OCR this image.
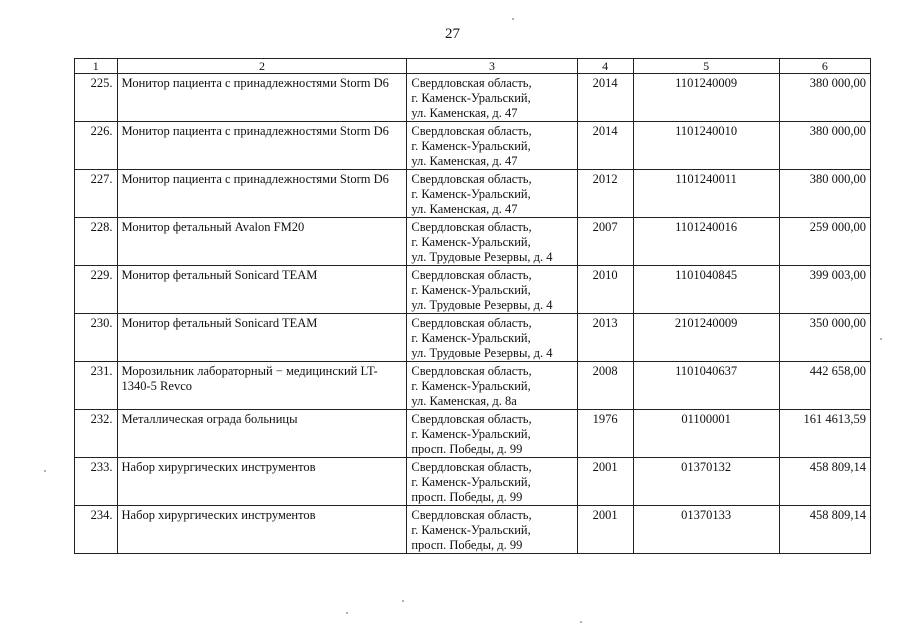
27
1	2	3	4	5	6
225.	Монитор пациента с принадлежностями Storm D6	Свердловская область,
г. Каменск-Уральский,
ул. Каменская, д. 47	2014	1101240009	380 000,00
226.	Монитор пациента с принадлежностями Storm D6	Свердловская область,
г. Каменск-Уральский,
ул. Каменская, д. 47	2014	1101240010	380 000,00
227.	Монитор пациента с принадлежностями Storm D6	Свердловская область,
г. Каменск-Уральский,
ул. Каменская, д. 47	2012	1101240011	380 000,00
228.	Монитор фетальный Avalon FM20	Свердловская область,
г. Каменск-Уральский,
ул. Трудовые Резервы, д. 4	2007	1101240016	259 000,00
229.	Монитор фетальный Sonicard TEAM	Свердловская область,
г. Каменск-Уральский,
ул. Трудовые Резервы, д. 4	2010	1101040845	399 003,00
230.	Монитор фетальный Sonicard TEAM	Свердловская область,
г. Каменск-Уральский,
ул. Трудовые Резервы, д. 4	2013	2101240009	350 000,00
231.	Морозильник лабораторный − медицинский LT-1340-5 Revco	Свердловская область,
г. Каменск-Уральский,
ул. Каменская, д. 8а	2008	1101040637	442 658,00
232.	Металлическая ограда больницы	Свердловская область,
г. Каменск-Уральский,
просп. Победы, д. 99	1976	01100001	161 4613,59
233.	Набор хирургических инструментов	Свердловская область,
г. Каменск-Уральский,
просп. Победы, д. 99	2001	01370132	458 809,14
234.	Набор хирургических инструментов	Свердловская область,
г. Каменск-Уральский,
просп. Победы, д. 99	2001	01370133	458 809,14
